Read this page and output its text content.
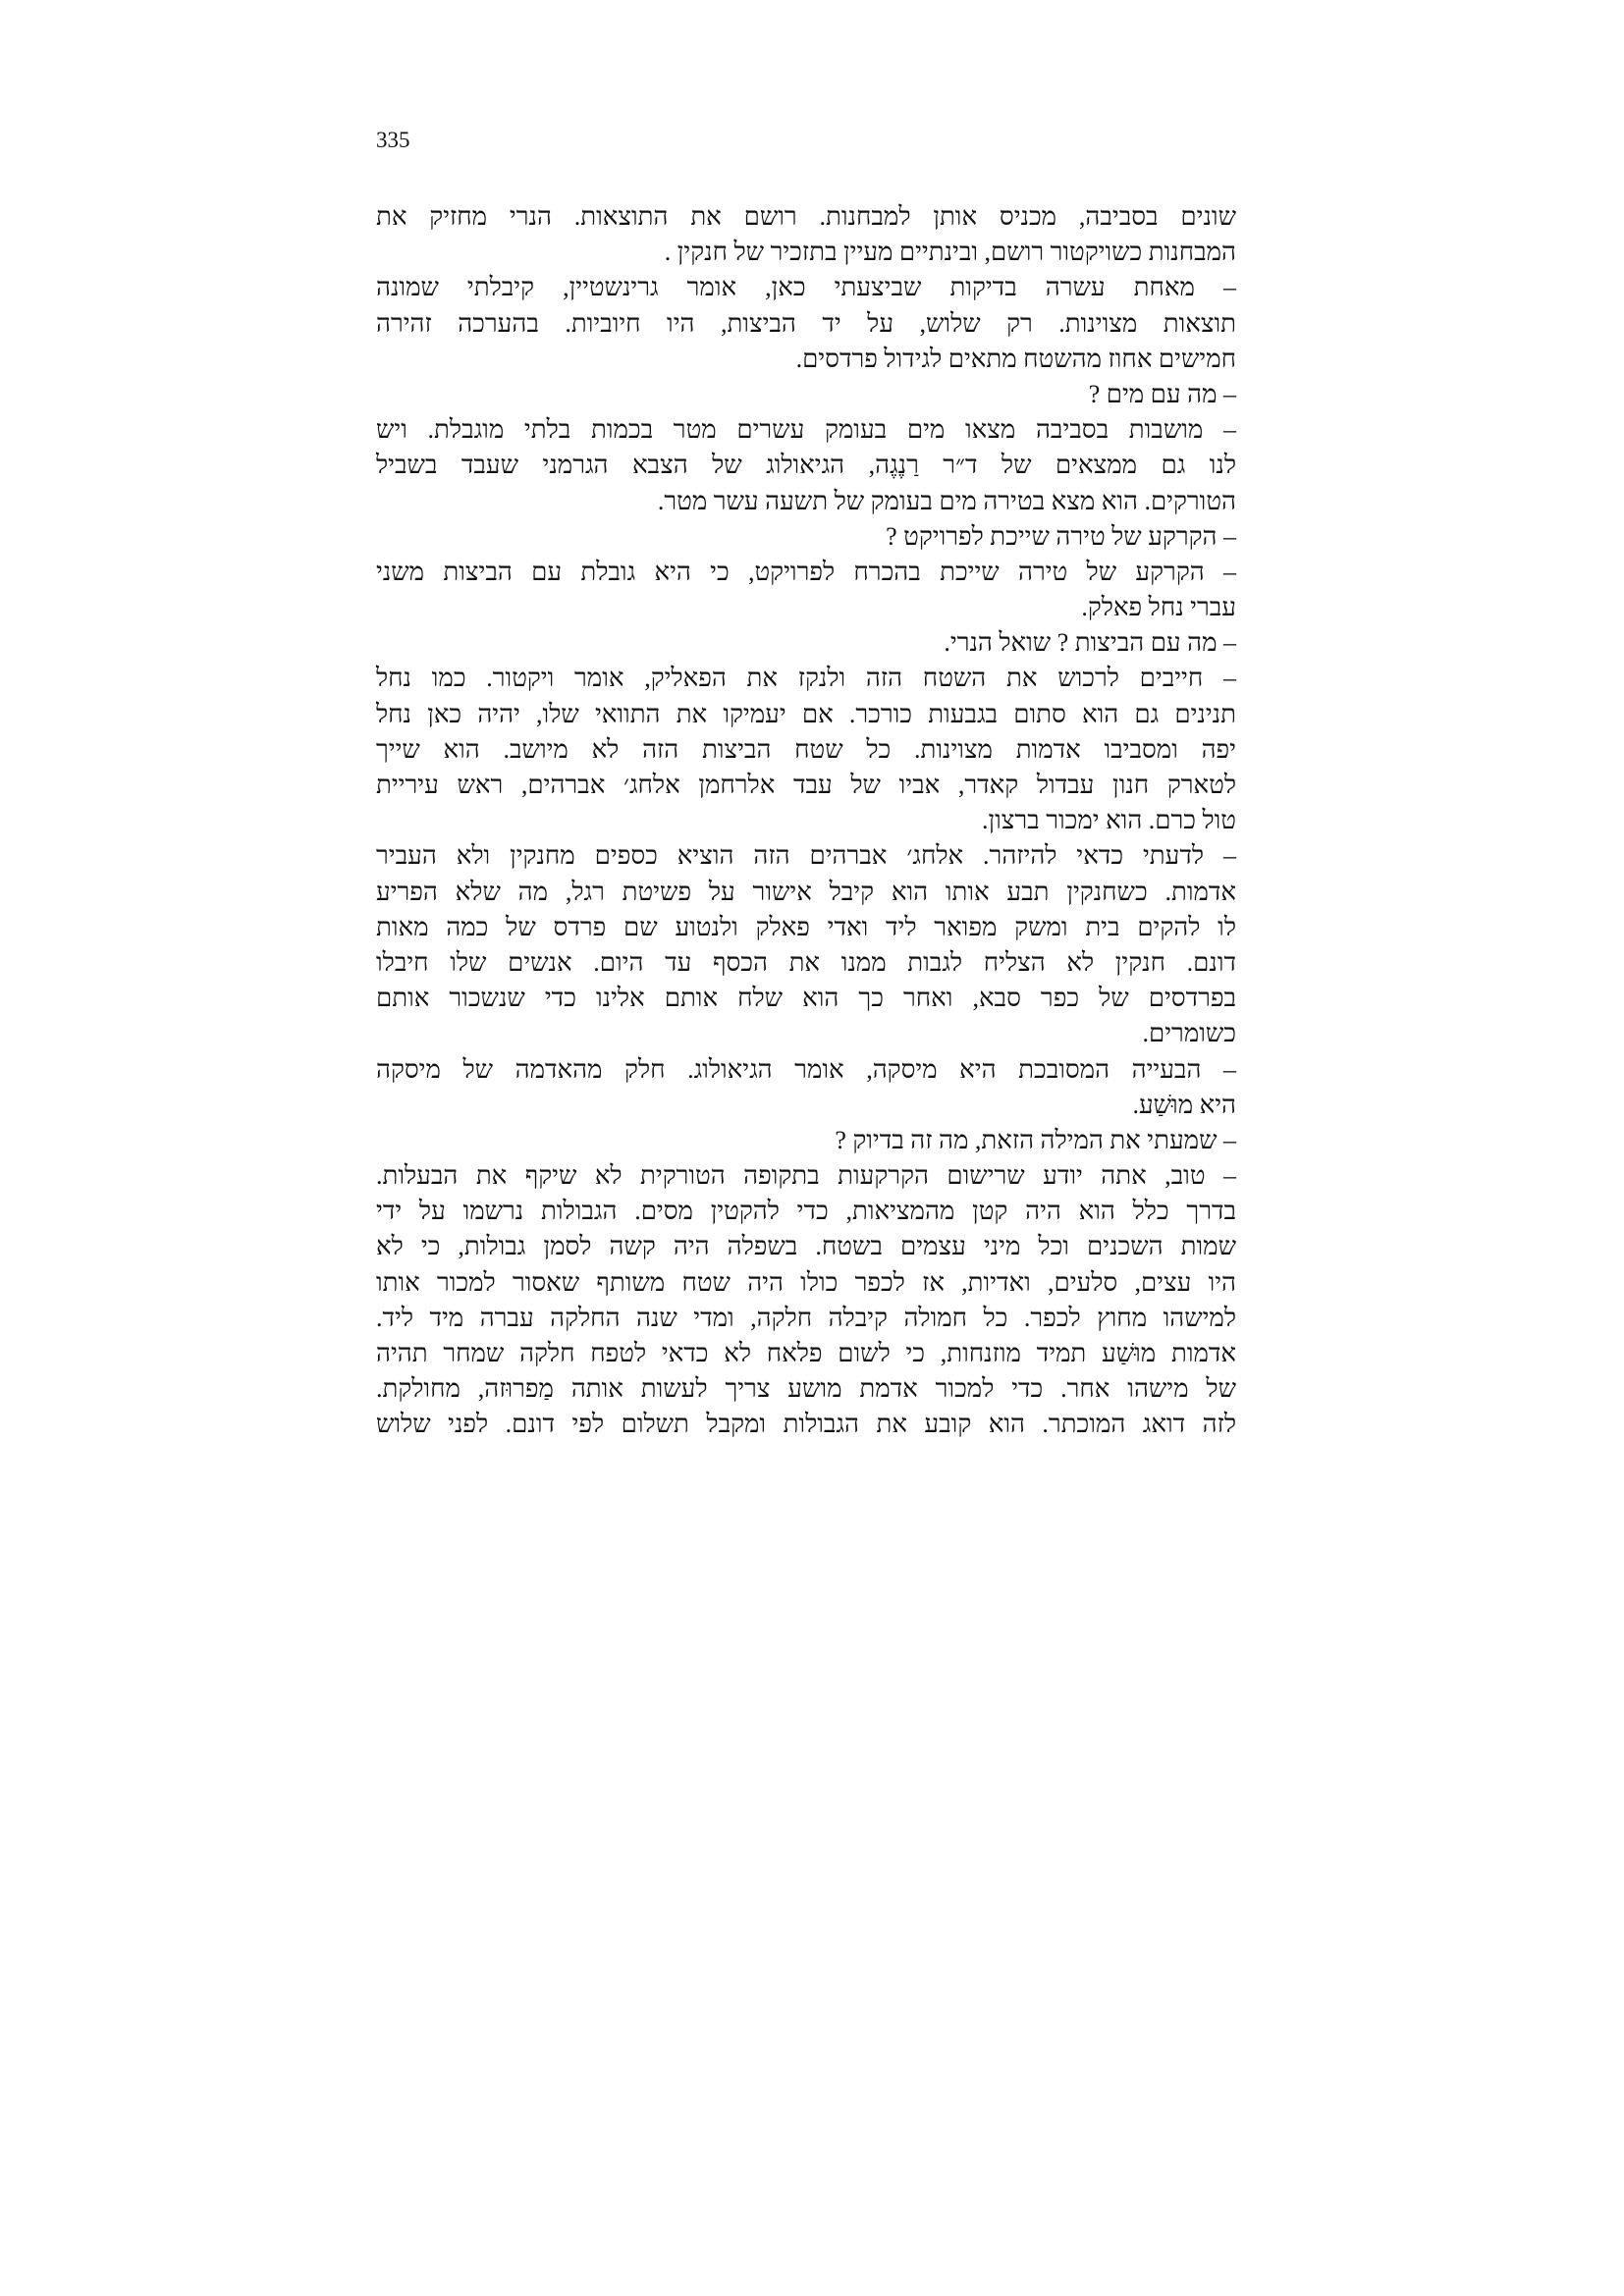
335
שונים בסביבה, מכניס אותן למבחנות. רושם את התוצאות. הנרי מחזיק את
המבחנות כשויקטור רושם, ובינתיים מעיין בתזכיר של חנקין .
– מאחת עשרה בדיקות שביצעתי כאן, אומר גרינשטיין, קיבלתי שמונה
תוצאות מצוינות. רק שלוש, על יד הביצות, היו חיוביות. בהערכה זהירה
חמישים אחוז מהשטח מתאים לגידול פרדסים.
– מה עם מים ?
– מושבות בסביבה מצאו מים בעומק עשרים מטר בכמות בלתי מוגבלת. ויש
לנו גם ממצאים של ד״ר רַנֶגֶה, הגיאולוג של הצבא הגרמני שעבד בשביל
הטורקים. הוא מצא בטירה מים בעומק של תשעה עשר מטר.
– הקרקע של טירה שייכת לפרויקט ?
– הקרקע של טירה שייכת בהכרח לפרויקט, כי היא גובלת עם הביצות משני
עברי נחל פאלק.
– מה עם הביצות ? שואל הנרי.
– חייבים לרכוש את השטח הזה ולנקז את הפאליק, אומר ויקטור. כמו נחל
תנינים גם הוא סתום בגבעות כורכר. אם יעמיקו את התוואי שלו, יהיה כאן נחל
יפה ומסביבו אדמות מצוינות. כל שטח הביצות הזה לא מיושב. הוא שייך
לטארק חנון עבדול קאדר, אביו של עבד אלרחמן אלחג׳ אברהים, ראש עיריית
טול כרם. הוא ימכור ברצון.
– לדעתי כדאי להיזהר. אלחג׳ אברהים הזה הוציא כספים מחנקין ולא העביר
אדמות. כשחנקין תבע אותו הוא קיבל אישור על פשיטת רגל, מה שלא הפריע
לו להקים בית ומשק מפואר ליד ואדי פאלק ולנטוע שם פרדס של כמה מאות
דונם. חנקין לא הצליח לגבות ממנו את הכסף עד היום. אנשים שלו חיבלו
בפרדסים של כפר סבא, ואחר כך הוא שלח אותם אלינו כדי שנשכור אותם
כשומרים.
– הבעייה המסובכת היא מיסקה, אומר הגיאולוג. חלק מהאדמה של מיסקה
היא מוּשַׁע.
– שמעתי את המילה הזאת, מה זה בדיוק ?
– טוב, אתה יודע שרישום הקרקעות בתקופה הטורקית לא שיקף את הבעלות.
בדרך כלל הוא היה קטן מהמציאות, כדי להקטין מסים. הגבולות נרשמו על ידי
שמות השכנים וכל מיני עצמים בשטח. בשפלה היה קשה לסמן גבולות, כי לא
היו עצים, סלעים, ואדיות, אז לכפר כולו היה שטח משותף שאסור למכור אותו
למישהו מחוץ לכפר. כל חמולה קיבלה חלקה, ומדי שנה החלקה עברה מיד ליד.
אדמות מוּשַׁע תמיד מוזנחות, כי לשום פלאח לא כדאי לטפח חלקה שמחר תהיה
של מישהו אחר. כדי למכור אדמת מושע צריך לעשות אותה מַפרוּזה, מחולקת.
לזה דואג המוכתר. הוא קובע את הגבולות ומקבל תשלום לפי דונם. לפני שלוש
